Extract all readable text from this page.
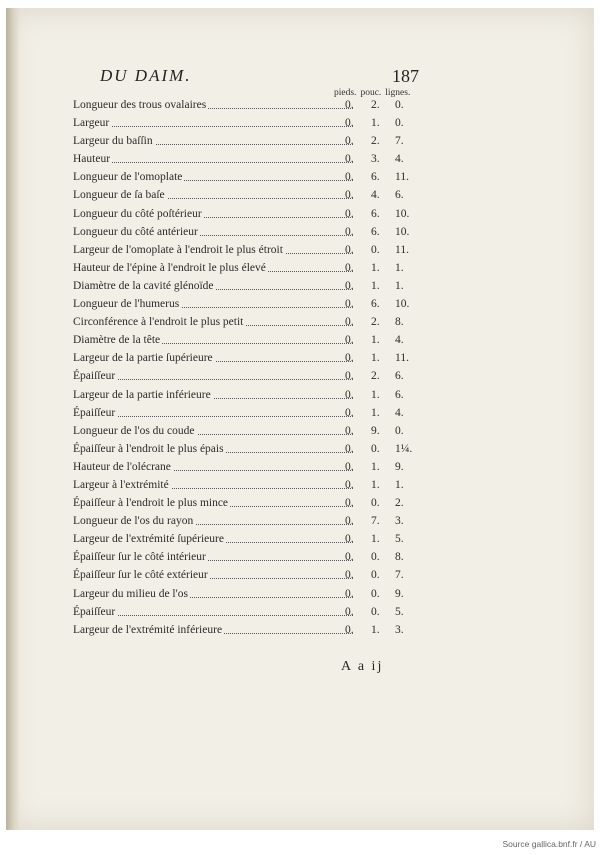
DU DAIM.	187
pieds. pouc. lignes.
Longueur des trous ovalaires	0.	2.	0.
Largeur	0.	1.	0.
Largeur du baſſin	0.	2.	7.
Hauteur	0.	3.	4.
Longueur de l'omoplate	0.	6.	11.
Longueur de ſa baſe	0.	4.	6.
Longueur du côté poſtérieur	0.	6.	10.
Longueur du côté antérieur	0.	6.	10.
Largeur de l'omoplate à l'endroit le plus étroit	0.	0.	11.
Hauteur de l'épine à l'endroit le plus élevé	0.	1.	1.
Diamètre de la cavité glénoïde	0.	1.	1.
Longueur de l'humerus	0.	6.	10.
Circonférence à l'endroit le plus petit	0.	2.	8.
Diamètre de la tête	0.	1.	4.
Largeur de la partie ſupérieure	0.	1.	11.
Épaiſſeur	0.	2.	6.
Largeur de la partie inférieure	0.	1.	6.
Épaiſſeur	0.	1.	4.
Longueur de l'os du coude	0.	9.	0.
Épaiſſeur à l'endroit le plus épais	0.	0.	1¼.
Hauteur de l'olécrane	0.	1.	9.
Largeur à l'extrémité	0.	1.	1.
Épaiſſeur à l'endroit le plus mince	0.	0.	2.
Longueur de l'os du rayon	0.	7.	3.
Largeur de l'extrémité ſupérieure	0.	1.	5.
Épaiſſeur ſur le côté intérieur	0.	0.	8.
Épaiſſeur ſur le côté extérieur	0.	0.	7.
Largeur du milieu de l'os	0.	0.	9.
Épaiſſeur	0.	0.	5.
Largeur de l'extrémité inférieure	0.	1.	3.
A a ij
Source gallica.bnf.fr / AU
